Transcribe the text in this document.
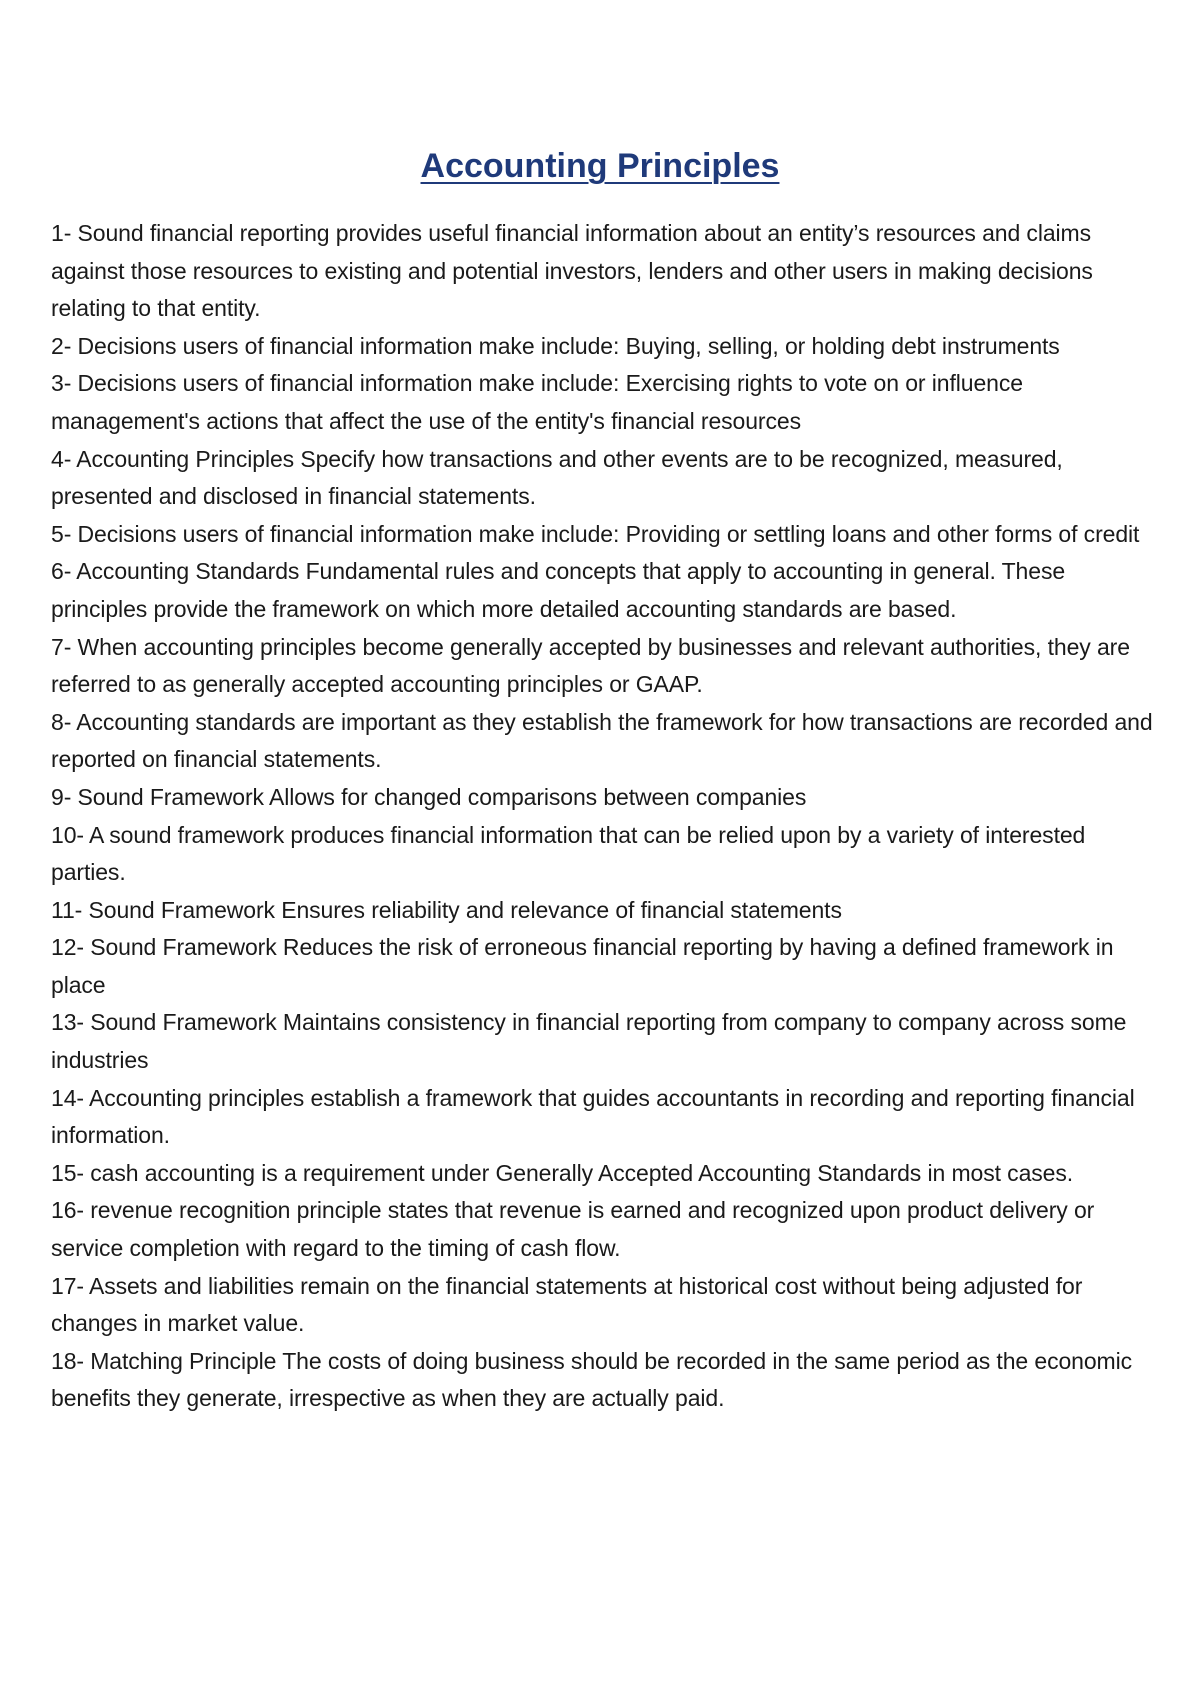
Accounting Principles

1- Sound financial reporting provides useful financial information about an entity’s resources and claims against those resources to existing and potential investors, lenders and other users in making decisions relating to that entity.

2- Decisions users of financial information make include: Buying, selling, or holding debt instruments

3- Decisions users of financial information make include: Exercising rights to vote on or influence management's actions that affect the use of the entity's financial resources

4- Accounting Principles Specify how transactions and other events are to be recognized, measured, presented and disclosed in financial statements.

5- Decisions users of financial information make include: Providing or settling loans and other forms of credit

6- Accounting Standards Fundamental rules and concepts that apply to accounting in general. These principles provide the framework on which more detailed accounting standards are based.

7- When accounting principles become generally accepted by businesses and relevant authorities, they are referred to as generally accepted accounting principles or GAAP.

8- Accounting standards are important as they establish the framework for how transactions are recorded and reported on financial statements.

9- Sound Framework Allows for changed comparisons between companies

10- A sound framework produces financial information that can be relied upon by a variety of interested parties.

11- Sound Framework Ensures reliability and relevance of financial statements

12- Sound Framework Reduces the risk of erroneous financial reporting by having a defined framework in place

13- Sound Framework Maintains consistency in financial reporting from company to company across some industries

14- Accounting principles establish a framework that guides accountants in recording and reporting financial information.

15- cash accounting is a requirement under Generally Accepted Accounting Standards in most cases.

16- revenue recognition principle states that revenue is earned and recognized upon product delivery or service completion with regard to the timing of cash flow.

17- Assets and liabilities remain on the financial statements at historical cost without being adjusted for changes in market value.

18- Matching Principle The costs of doing business should be recorded in the same period as the economic benefits they generate, irrespective as when they are actually paid.
